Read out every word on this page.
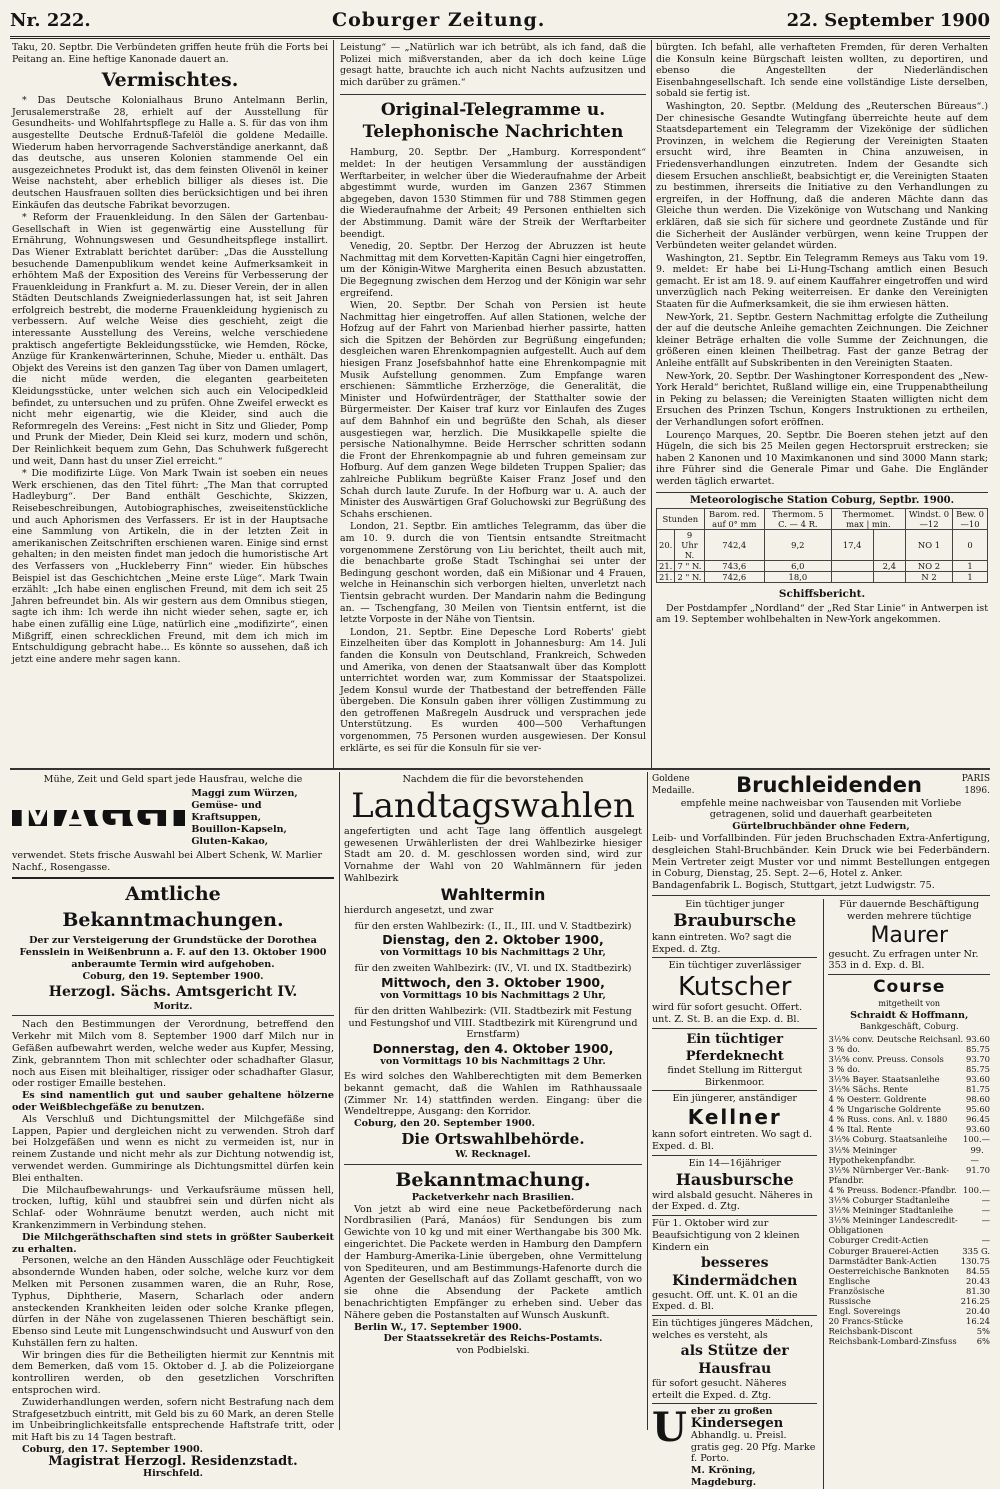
Nr. 222.	Coburger Zeitung.	22. September 1900

Taku, 20. Septbr. Die Verbündeten griffen heute früh die Forts bei Peitang an. Eine heftige Kanonade dauert an.

Vermischtes.

* Das Deutsche Kolonialhaus Bruno Antelmann Berlin, Jerusalemerstraße 28, erhielt auf der Ausstellung für Gesundheits- und Wohlfahrtspflege zu Halle a. S. für das von ihm ausgestellte Deutsche Erdnuß-Tafelöl die goldene Medaille. Wiederum haben hervorragende Sachverständige anerkannt, daß das deutsche, aus unseren Kolonien stammende Oel ein ausgezeichnetes Produkt ist, das dem feinsten Olivenöl in keiner Weise nachsteht, aber erheblich billiger als dieses ist. Die deutschen Hausfrauen sollten dies berücksichtigen und bei ihren Einkäufen das deutsche Fabrikat bevorzugen.

* Reform der Frauenkleidung. In den Sälen der Gartenbau-Gesellschaft in Wien ist gegenwärtig eine Ausstellung für Ernährung, Wohnungswesen und Gesundheitspflege installirt. Das Wiener Extrablatt berichtet darüber: „Das die Ausstellung besuchende Damenpublikum wendet keine Aufmerksamkeit in erhöhtem Maß der Exposition des Vereins für Verbesserung der Frauenkleidung in Frankfurt a. M. zu. Dieser Verein, der in allen Städten Deutschlands Zweigniederlassungen hat, ist seit Jahren erfolgreich bestrebt, die moderne Frauenkleidung hygienisch zu verbessern. Auf welche Weise dies geschieht, zeigt die interessante Ausstellung des Vereins, welche verschiedene praktisch angefertigte Bekleidungsstücke, wie Hemden, Röcke, Anzüge für Krankenwärterinnen, Schuhe, Mieder u. enthält. Das Objekt des Vereins ist den ganzen Tag über von Damen umlagert, die nicht müde werden, die eleganten gearbeiteten Kleidungsstücke, unter welchen sich auch ein Velocipedkleid befindet, zu untersuchen und zu prüfen. Ohne Zweifel erweckt es nicht mehr eigenartig, wie die Kleider, sind auch die Reformregeln des Vereins: „Fest nicht in Sitz und Glieder, Pomp und Prunk der Mieder, Dein Kleid sei kurz, modern und schön, Der Reinlichkeit bequem zum Gehn, Das Schuhwerk fußgerecht und weit, Dann hast du unser Ziel erreicht.“

* Die modifizirte Lüge. Von Mark Twain ist soeben ein neues Werk erschienen, das den Titel führt: „The Man that corrupted Hadleyburg“. Der Band enthält Geschichte, Skizzen, Reisebeschreibungen, Autobiographisches, zweiseitenstückliche und auch Aphorismen des Verfassers. Er ist in der Hauptsache eine Sammlung von Artikeln, die in der letzten Zeit in amerikanischen Zeitschriften erschienen waren. Einige sind ernst gehalten; in den meisten findet man jedoch die humoristische Art des Verfassers von „Huckleberry Finn“ wieder. Ein hübsches Beispiel ist das Geschichtchen „Meine erste Lüge“. Mark Twain erzählt: „Ich habe einen englischen Freund, mit dem ich seit 25 Jahren befreundet bin. Als wir gestern aus dem Omnibus stiegen, sagte ich ihm: Ich werde ihn nicht wieder sehen, sagte er, ich habe einen zufällig eine Lüge, natürlich eine „modifizirte“, einen Mißgriff, einen schrecklichen Freund, mit dem ich mich im Entschuldigung gebracht habe... Es könnte so aussehen, daß ich jetzt eine andere mehr sagen kann.

Leistung“ — „Natürlich war ich betrübt, als ich fand, daß die Polizei mich mißverstanden, aber da ich doch keine Lüge gesagt hatte, brauchte ich auch nicht Nachts aufzusitzen und mich darüber zu grämen.“

Original-Telegramme u. Telephonische Nachrichten

Hamburg, 20. Septbr. Der „Hamburg. Korrespondent“ meldet: In der heutigen Versammlung der ausständigen Werftarbeiter, in welcher über die Wiederaufnahme der Arbeit abgestimmt wurde, wurden im Ganzen 2367 Stimmen abgegeben, davon 1530 Stimmen für und 788 Stimmen gegen die Wiederaufnahme der Arbeit; 49 Personen enthielten sich der Abstimmung. Damit wäre der Streik der Werftarbeiter beendigt.

Venedig, 20. Septbr. Der Herzog der Abruzzen ist heute Nachmittag mit dem Korvetten-Kapitän Cagni hier eingetroffen, um der Königin-Witwe Margherita einen Besuch abzustatten. Die Begegnung zwischen dem Herzog und der Königin war sehr ergreifend.

Wien, 20. Septbr. Der Schah von Persien ist heute Nachmittag hier eingetroffen. Auf allen Stationen, welche der Hofzug auf der Fahrt von Marienbad hierher passirte, hatten sich die Spitzen der Behörden zur Begrüßung eingefunden; desgleichen waren Ehrenkompagnien aufgestellt. Auch auf dem hiesigen Franz Josefsbahnhof hatte eine Ehrenkompagnie mit Musik Aufstellung genommen. Zum Empfange waren erschienen: Sämmtliche Erzherzöge, die Generalität, die Minister und Hofwürdenträger, der Statthalter sowie der Bürgermeister. Der Kaiser traf kurz vor Einlaufen des Zuges auf dem Bahnhof ein und begrüßte den Schah, als dieser ausgestiegen war, herzlich. Die Musikkapelle spielte die persische Nationalhymne. Beide Herrscher schritten sodann die Front der Ehrenkompagnie ab und fuhren gemeinsam zur Hofburg. Auf dem ganzen Wege bildeten Truppen Spalier; das zahlreiche Publikum begrüßte Kaiser Franz Josef und den Schah durch laute Zurufe. In der Hofburg war u. A. auch der Minister des Auswärtigen Graf Goluchowski zur Begrüßung des Schahs erschienen.

London, 21. Septbr. Ein amtliches Telegramm, das über die am 10. 9. durch die von Tientsin entsandte Streitmacht vorgenommene Zerstörung von Liu berichtet, theilt auch mit, die benachbarte große Stadt Tschinghai sei unter der Bedingung geschont worden, daß ein Mißionar und 4 Frauen, welche in Heinanschin sich verborgen hielten, unverletzt nach Tientsin gebracht wurden. Der Mandarin nahm die Bedingung an. — Tschengfang, 30 Meilen von Tientsin entfernt, ist die letzte Vorposte in der Nähe von Tientsin.

London, 21. Septbr. Eine Depesche Lord Roberts' giebt Einzelheiten über das Komplott in Johannesburg: Am 14. Juli fanden die Konsuln von Deutschland, Frankreich, Schweden und Amerika, von denen der Staatsanwalt über das Komplott unterrichtet worden war, zum Kommissar der Staatspolizei. Jedem Konsul wurde der Thatbestand der betreffenden Fälle übergeben. Die Konsuln gaben ihrer völligen Zustimmung zu den getroffenen Maßregeln Ausdruck und versprachen jede Unterstützung. Es wurden 400—500 Verhaftungen vorgenommen, 75 Personen wurden ausgewiesen. Der Konsul erklärte, es sei für die Konsuln für sie ver-

bürgten. Ich befahl, alle verhafteten Fremden, für deren Verhalten die Konsuln keine Bürgschaft leisten wollten, zu deportiren, und ebenso die Angestellten der Niederländischen Eisenbahngesellschaft. Ich sende eine vollständige Liste derselben, sobald sie fertig ist.

Washington, 20. Septbr. (Meldung des „Reuterschen Büreaus“.) Der chinesische Gesandte Wutingfang überreichte heute auf dem Staatsdepartement ein Telegramm der Vizekönige der südlichen Provinzen, in welchem die Regierung der Vereinigten Staaten ersucht wird, ihre Beamten in China anzuweisen, in Friedensverhandlungen einzutreten. Indem der Gesandte sich diesem Ersuchen anschließt, beabsichtigt er, die Vereinigten Staaten zu bestimmen, ihrerseits die Initiative zu den Verhandlungen zu ergreifen, in der Hoffnung, daß die anderen Mächte dann das Gleiche thun werden. Die Vizekönige von Wutschang und Nanking erklären, daß sie sich für sichere und geordnete Zustände und für die Sicherheit der Ausländer verbürgen, wenn keine Truppen der Verbündeten weiter gelandet würden.

Washington, 21. Septbr. Ein Telegramm Remeys aus Taku vom 19. 9. meldet: Er habe bei Li-Hung-Tschang amtlich einen Besuch gemacht. Er ist am 18. 9. auf einem Kauffahrer eingetroffen und wird unverzüglich nach Peking weiterreisen. Er danke den Vereinigten Staaten für die Aufmerksamkeit, die sie ihm erwiesen hätten.

New-York, 21. Septbr. Gestern Nachmittag erfolgte die Zutheilung der auf die deutsche Anleihe gemachten Zeichnungen. Die Zeichner kleiner Beträge erhalten die volle Summe der Zeichnungen, die größeren einen kleinen Theilbetrag. Fast der ganze Betrag der Anleihe entfällt auf Subskribenten in den Vereinigten Staaten.

New-York, 20. Septbr. Der Washingtoner Korrespondent des „New-York Herald“ berichtet, Rußland willige ein, eine Truppenabtheilung in Peking zu belassen; die Vereinigten Staaten willigten nicht dem Ersuchen des Prinzen Tschun, Kongers Instruktionen zu ertheilen, der Verhandlungen sofort eröffnen.

Lourenço Marques, 20. Septbr. Die Boeren stehen jetzt auf den Hügeln, die sich bis 25 Meilen gegen Hectorspruit erstrecken; sie haben 2 Kanonen und 10 Maximkanonen und sind 3000 Mann stark; ihre Führer sind die Generale Pimar und Gahe. Die Engländer werden täglich erwartet.

Meteorologische Station Coburg, Septbr. 1900.
Stunden		Barom. red. auf 0° mm	Thermom. 5 C. — 4 R.	Thermomet. max | min.		Windst. 0—12	Bew. 0—10
20.	9 Uhr N.	742,4	9,2	17,4		NO 1	0
21.	7 " N.	743,6	6,0		2,4	NO 2	1
21.	2 " N.	742,6	18,0			N 2	1
Schiffsbericht.

Der Postdampfer „Nordland“ der „Red Star Linie“ in Antwerpen ist am 19. September wohlbehalten in New-York angekommen.

Mühe, Zeit und Geld spart jede Hausfrau, welche die
MAGGI
Maggi zum Würzen,
Gemüse- und Kraftsuppen,
Bouillon-Kapseln,
Gluten-Kakao,
verwendet. Stets frische Auswahl bei Albert Schenk, W. Marlier Nachf., Rosengasse.
Amtliche Bekanntmachungen.
Der zur Versteigerung der Grundstücke der Dorothea Fensslein in Weißenbrunn a. F. auf den 13. Oktober 1900 anberaumte Termin wird aufgehoben.
Coburg, den 19. September 1900.
Herzogl. Sächs. Amtsgericht IV.
Moritz.

Nach den Bestimmungen der Verordnung, betreffend den Verkehr mit Milch vom 8. September 1900 darf Milch nur in Gefäßen aufbewahrt werden, welche weder aus Kupfer, Messing, Zink, gebranntem Thon mit schlechter oder schadhafter Glasur, noch aus Eisen mit bleihaltiger, rissiger oder schadhafter Glasur, oder rostiger Emaille bestehen.

Es sind namentlich gut und sauber gehaltene hölzerne oder Weißblechgefäße zu benutzen.

Als Verschluß und Dichtungsmittel der Milchgefäße sind Lappen, Papier und dergleichen nicht zu verwenden. Stroh darf bei Holzgefäßen und wenn es nicht zu vermeiden ist, nur in reinem Zustande und nicht mehr als zur Dichtung notwendig ist, verwendet werden. Gummiringe als Dichtungsmittel dürfen kein Blei enthalten.

Die Milchaufbewahrungs- und Verkaufsräume müssen hell, trocken, luftig, kühl und staubfrei sein und dürfen nicht als Schlaf- oder Wohnräume benutzt werden, auch nicht mit Krankenzimmern in Verbindung stehen.

Die Milchgeräthschaften sind stets in größter Sauberkeit zu erhalten.

Personen, welche an den Händen Ausschläge oder Feuchtigkeit absondernde Wunden haben, oder solche, welche kurz vor dem Melken mit Personen zusammen waren, die an Ruhr, Rose, Typhus, Diphtherie, Masern, Scharlach oder andern ansteckenden Krankheiten leiden oder solche Kranke pflegen, dürfen in der Nähe von zugelassenen Thieren beschäftigt sein. Ebenso sind Leute mit Lungenschwindsucht und Auswurf von den Kuhställen fern zu halten.

Wir bringen dies für die Betheiligten hiermit zur Kenntnis mit dem Bemerken, daß vom 15. Oktober d. J. ab die Polizeiorgane kontrolliren werden, ob den gesetzlichen Vorschriften entsprochen wird.

Zuwiderhandlungen werden, sofern nicht Bestrafung nach dem Strafgesetzbuch eintritt, mit Geld bis zu 60 Mark, an deren Stelle im Unbeibringlichkeitsfalle entsprechende Haftstrafe tritt, oder mit Haft bis zu 14 Tagen bestraft.

Coburg, den 17. September 1900.
Magistrat Herzogl. Residenzstadt.
Hirschfeld.
Nachdem die für die bevorstehenden
Landtagswahlen
angefertigten und acht Tage lang öffentlich ausgelegt gewesenen Urwählerlisten der drei Wahlbezirke hiesiger Stadt am 20. d. M. geschlossen worden sind, wird zur Vornahme der Wahl von 20 Wahlmännern für jeden Wahlbezirk
Wahltermin
hierdurch angesetzt, und zwar
für den ersten Wahlbezirk: (I., II., III. und V. Stadtbezirk)
Dienstag, den 2. Oktober 1900,
von Vormittags 10 bis Nachmittags 2 Uhr,
für den zweiten Wahlbezirk: (IV., VI. und IX. Stadtbezirk)
Mittwoch, den 3. Oktober 1900,
von Vormittags 10 bis Nachmittags 2 Uhr,
für den dritten Wahlbezirk: (VII. Stadtbezirk mit Festung und Festungshof und VIII. Stadtbezirk mit Kürengrund und Ernstfarm)
Donnerstag, den 4. Oktober 1900,
von Vormittags 10 bis Nachmittags 2 Uhr.
Es wird solches den Wahlberechtigten mit dem Bemerken bekannt gemacht, daß die Wahlen im Rathhaussaale (Zimmer Nr. 14) stattfinden werden. Eingang: über die Wendeltreppe, Ausgang: den Korridor.
Coburg, den 20. September 1900.
Die Ortswahlbehörde.
W. Recknagel.
Bekanntmachung.
Packetverkehr nach Brasilien.
Von jetzt ab wird eine neue Packetbeförderung nach Nordbrasilien (Pará, Manáos) für Sendungen bis zum Gewichte von 10 kg und mit einer Werthangabe bis 300 Mk. eingerichtet. Die Packete werden in Hamburg den Dampfern der Hamburg-Amerika-Linie übergeben, ohne Vermittelung von Spediteuren, und am Bestimmungs-Hafenorte durch die Agenten der Gesellschaft auf das Zollamt geschafft, von wo sie ohne die Absendung der Packete amtlich benachrichtigten Empfänger zu erheben sind. Ueber das Nähere geben die Postanstalten auf Wunsch Auskunft.
Berlin W., 17. September 1900.
Der Staatssekretär des Reichs-Postamts.
von Podbielski.
Goldene Medaille.	Bruchleidenden	PARIS 1896.
empfehle meine nachweisbar von Tausenden mit Vorliebe getragenen, solid und dauerhaft gearbeiteten
Gürtelbruchbänder ohne Federn,
Leib- und Vorfallbinden. Für jeden Bruchschaden Extra-Anfertigung, desgleichen Stahl-Bruchbänder. Kein Druck wie bei Federbändern. Mein Vertreter zeigt Muster vor und nimmt Bestellungen entgegen in Coburg, Dienstag, 25. Sept. 2—6, Hotel z. Anker.
Bandagenfabrik L. Bogisch, Stuttgart, jetzt Ludwigstr. 75.
Ein tüchtiger junger
Brauburschе
kann eintreten. Wo? sagt die Exped. d. Ztg.
Ein tüchtiger zuverlässiger
Kutscher
wird für sofort gesucht. Offert. unt. Z. St. B. an die Exp. d. Bl.
Ein tüchtiger Pferdeknecht
findet Stellung im Rittergut Birkenmoor.
Ein jüngerer, anständiger
Kellner
kann sofort eintreten. Wo sagt d. Exped. d. Bl.
Ein 14—16jähriger
Hausbursche
wird alsbald gesucht. Näheres in der Exped. d. Ztg.
Für 1. Oktober wird zur Beaufsichtigung von 2 kleinen Kindern ein
besseres Kindermädchen
gesucht. Off. unt. K. 01 an die Exped. d. Bl.
Ein tüchtiges jüngeres Mädchen, welches es versteht, als
als Stütze der Hausfrau
für sofort gesucht. Näheres erteilt die Exped. d. Ztg.
U eber zu großen
Kindersegen
Abhandlg. u. Preisl. gratis geg. 20 Pfg. Marke f. Porto.
M. Kröning, Magdeburg.
Für dauernde Beschäftigung werden mehrere tüchtige
Maurer
gesucht. Zu erfragen unter Nr. 353 in d. Exp. d. Bl.
Course
mitgetheilt von
Schraidt & Hoffmann,
Bankgeschäft, Coburg.
3½% conv. Deutsche Reichsanl. 93.60
3 % do.	85.75
3½% conv. Preuss. Consols	93.70
3 % do.	85.75
3½% Bayer. Staatsanleihe	93.60
3½% Sächs. Rente	81.75
4 % Oesterr. Goldrente	98.60
4 % Ungarische Goldrente	95.60
4 % Russ. cons. Anl. v. 1880 96.45
4 % Ital. Rente	93.60
3½% Coburg. Staatsanleihe 100.—
3½% Meininger Hypothekenpfandbr.
99.—
3½% Nürnberger Ver.-Bank-Pfandbr.
91.70
4 % Preuss. Bodencr.-Pfandbr. 100.—
3½% Coburger Stadtanleihe	—
3½% Meininger Stadtanleihe	—
3½% Meininger Landescredit-Obligationen
—
Coburger Credit-Actien	—
Coburger Brauerei-Actien	335 G.
Darmstädter Bank-Actien	130.75
Oesterreichische Banknoten 84.55
Englische	20.43
Französische	81.30
Russische	216.25
Engl. Sovereings	20.40
20 Francs-Stücke	16.24
Reichsbank-Discont	5%
Reichsbank-Lombard-Zinsfuss 6%
